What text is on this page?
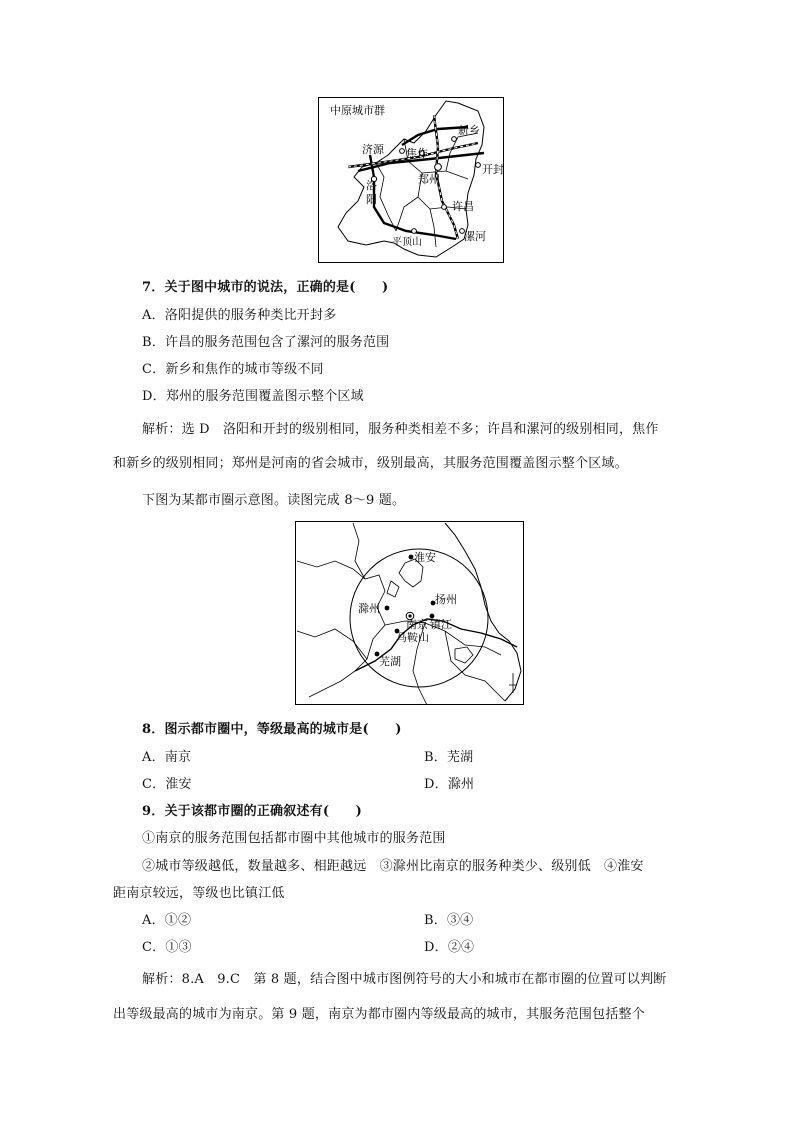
中原城市群
济源 焦作
新乡
开封
洛
阳
郑州
许昌
平顶山	漯河
7．关于图中城市的说法，正确的是(　　)
A．洛阳提供的服务种类比开封多
B．许昌的服务范围包含了漯河的服务范围
C．新乡和焦作的城市等级不同
D．郑州的服务范围覆盖图示整个区域
解析：选 D　洛阳和开封的级别相同，服务种类相差不多；许昌和漯河的级别相同，焦作
和新乡的级别相同；郑州是河南的省会城市，级别最高，其服务范围覆盖图示整个区域。
下图为某都市圈示意图。读图完成 8～9 题。
淮安
扬州
滁州
南京 镇江
马鞍山
芜湖
8．图示都市圈中，等级最高的城市是(　　)
A．南京	B．芜湖
C．淮安	D．滁州
9．关于该都市圈的正确叙述有(　　)
①南京的服务范围包括都市圈中其他城市的服务范围
②城市等级越低，数量越多、相距越远　③滁州比南京的服务种类少、级别低　④淮安
距南京较远，等级也比镇江低
A．①②	B．③④
C．①③	D．②④
解析：8.A　9.C　第 8 题，结合图中城市图例符号的大小和城市在都市圈的位置可以判断
出等级最高的城市为南京。第 9 题，南京为都市圈内等级最高的城市，其服务范围包括整个
